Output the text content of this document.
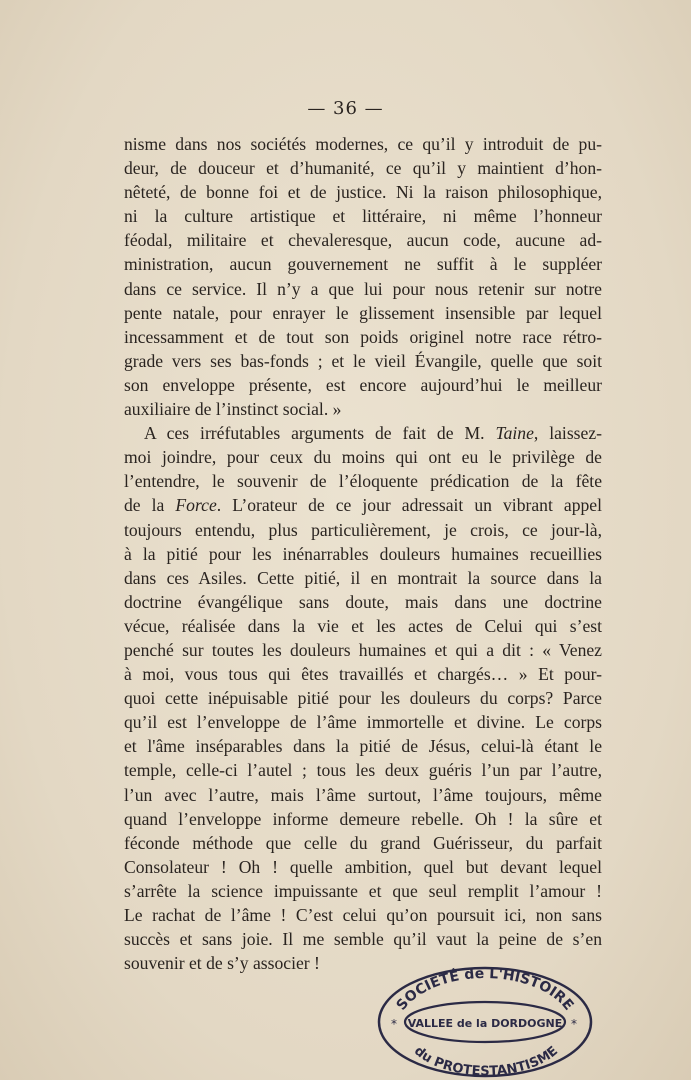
— 36 —
nisme dans nos sociétés modernes, ce qu’il y introduit de pu-
deur, de douceur et d’humanité, ce qu’il y maintient d’hon-
nêteté, de bonne foi et de justice. Ni la raison philosophique,
ni la culture artistique et littéraire, ni même l’honneur
féodal, militaire et chevaleresque, aucun code, aucune ad-
ministration, aucun gouvernement ne suffit à le suppléer
dans ce service. Il n’y a que lui pour nous retenir sur notre
pente natale, pour enrayer le glissement insensible par lequel
incessamment et de tout son poids originel notre race rétro-
grade vers ses bas-fonds ; et le vieil Évangile, quelle que soit
son enveloppe présente, est encore aujourd’hui le meilleur
auxiliaire de l’instinct social. »
A ces irréfutables arguments de fait de M. Taine, laissez-
moi joindre, pour ceux du moins qui ont eu le privilège de
l’entendre, le souvenir de l’éloquente prédication de la fête
de la Force. L’orateur de ce jour adressait un vibrant appel
toujours entendu, plus particulièrement, je crois, ce jour-là,
à la pitié pour les inénarrables douleurs humaines recueillies
dans ces Asiles. Cette pitié, il en montrait la source dans la
doctrine évangélique sans doute, mais dans une doctrine
vécue, réalisée dans la vie et les actes de Celui qui s’est
penché sur toutes les douleurs humaines et qui a dit : « Venez
à moi, vous tous qui êtes travaillés et chargés… » Et pour-
quoi cette inépuisable pitié pour les douleurs du corps? Parce
qu’il est l’enveloppe de l’âme immortelle et divine. Le corps
et l'âme inséparables dans la pitié de Jésus, celui-là étant le
temple, celle-ci l’autel ; tous les deux guéris l’un par l’autre,
l’un avec l’autre, mais l’âme surtout, l’âme toujours, même
quand l’enveloppe informe demeure rebelle. Oh ! la sûre et
féconde méthode que celle du grand Guérisseur, du parfait
Consolateur ! Oh ! quelle ambition, quel but devant lequel
s’arrête la science impuissante et que seul remplit l’amour !
Le rachat de l’âme ! C’est celui qu’on poursuit ici, non sans
succès et sans joie. Il me semble qu’il vaut la peine de s’en
souvenir et de s’y associer !
SOCIÉTÉ de L'HISTOIRE
VALLEE de la DORDOGNE
du PROTESTANTISME
*	*
